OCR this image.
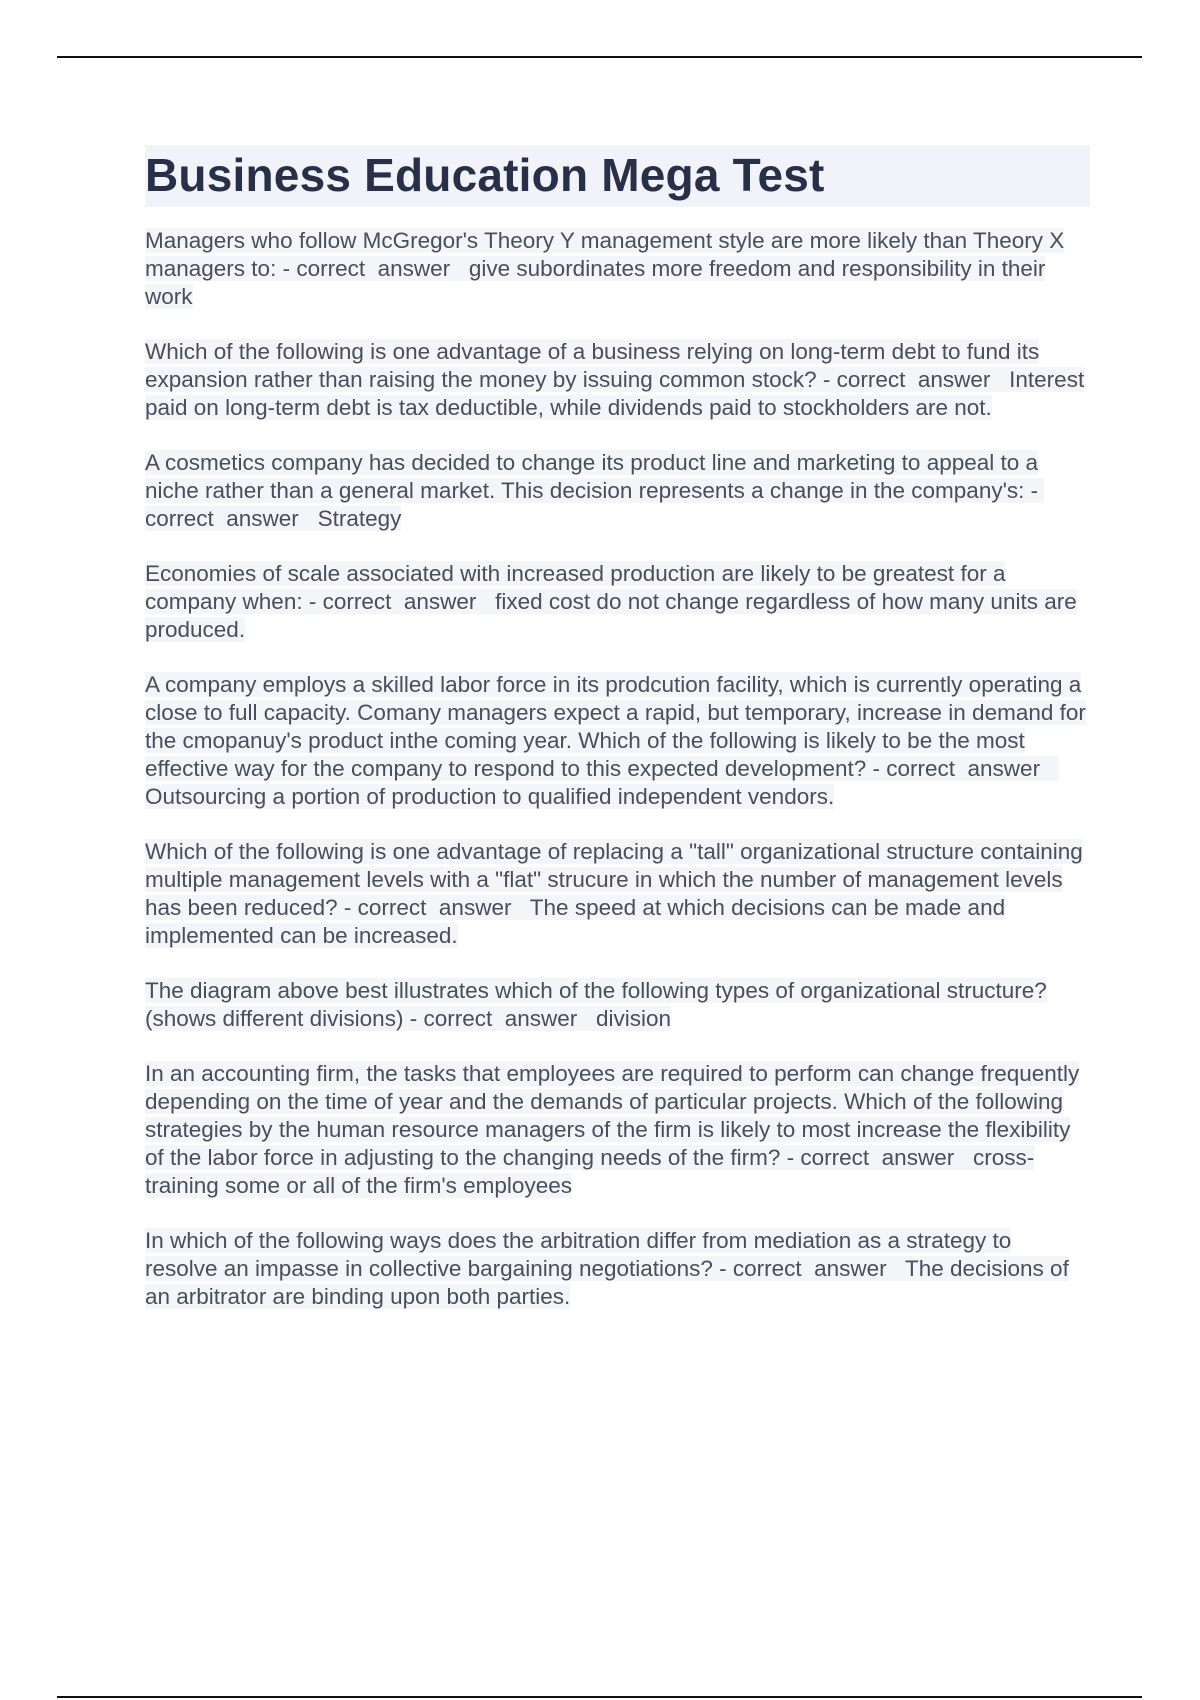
Business Education Mega Test
Managers who follow McGregor's Theory Y management style are more likely than Theory X managers to: - correct  answer   give subordinates more freedom and responsibility in their work
Which of the following is one advantage of a business relying on long-term debt to fund its expansion rather than raising the money by issuing common stock? - correct  answer   Interest paid on long-term debt is tax deductible, while dividends paid to stockholders are not.
A cosmetics company has decided to change its product line and marketing to appeal to a niche rather than a general market. This decision represents a change in the company's: - correct  answer   Strategy
Economies of scale associated with increased production are likely to be greatest for a company when: - correct  answer   fixed cost do not change regardless of how many units are produced.
A company employs a skilled labor force in its prodcution facility, which is currently operating a close to full capacity. Comany managers expect a rapid, but temporary, increase in demand for the cmopanuy's product inthe coming year. Which of the following is likely to be the most effective way for the company to respond to this expected development? - correct  answer   Outsourcing a portion of production to qualified independent vendors.
Which of the following is one advantage of replacing a "tall" organizational structure containing multiple management levels with a "flat" strucure in which the number of management levels has been reduced? - correct  answer   The speed at which decisions can be made and implemented can be increased.
The diagram above best illustrates which of the following types of organizational structure? (shows different divisions) - correct  answer   division
In an accounting firm, the tasks that employees are required to perform can change frequently depending on the time of year and the demands of particular projects. Which of the following strategies by the human resource managers of the firm is likely to most increase the flexibility of the labor force in adjusting to the changing needs of the firm? - correct  answer   cross-training some or all of the firm's employees
In which of the following ways does the arbitration differ from mediation as a strategy to resolve an impasse in collective bargaining negotiations? - correct  answer   The decisions of an arbitrator are binding upon both parties.
